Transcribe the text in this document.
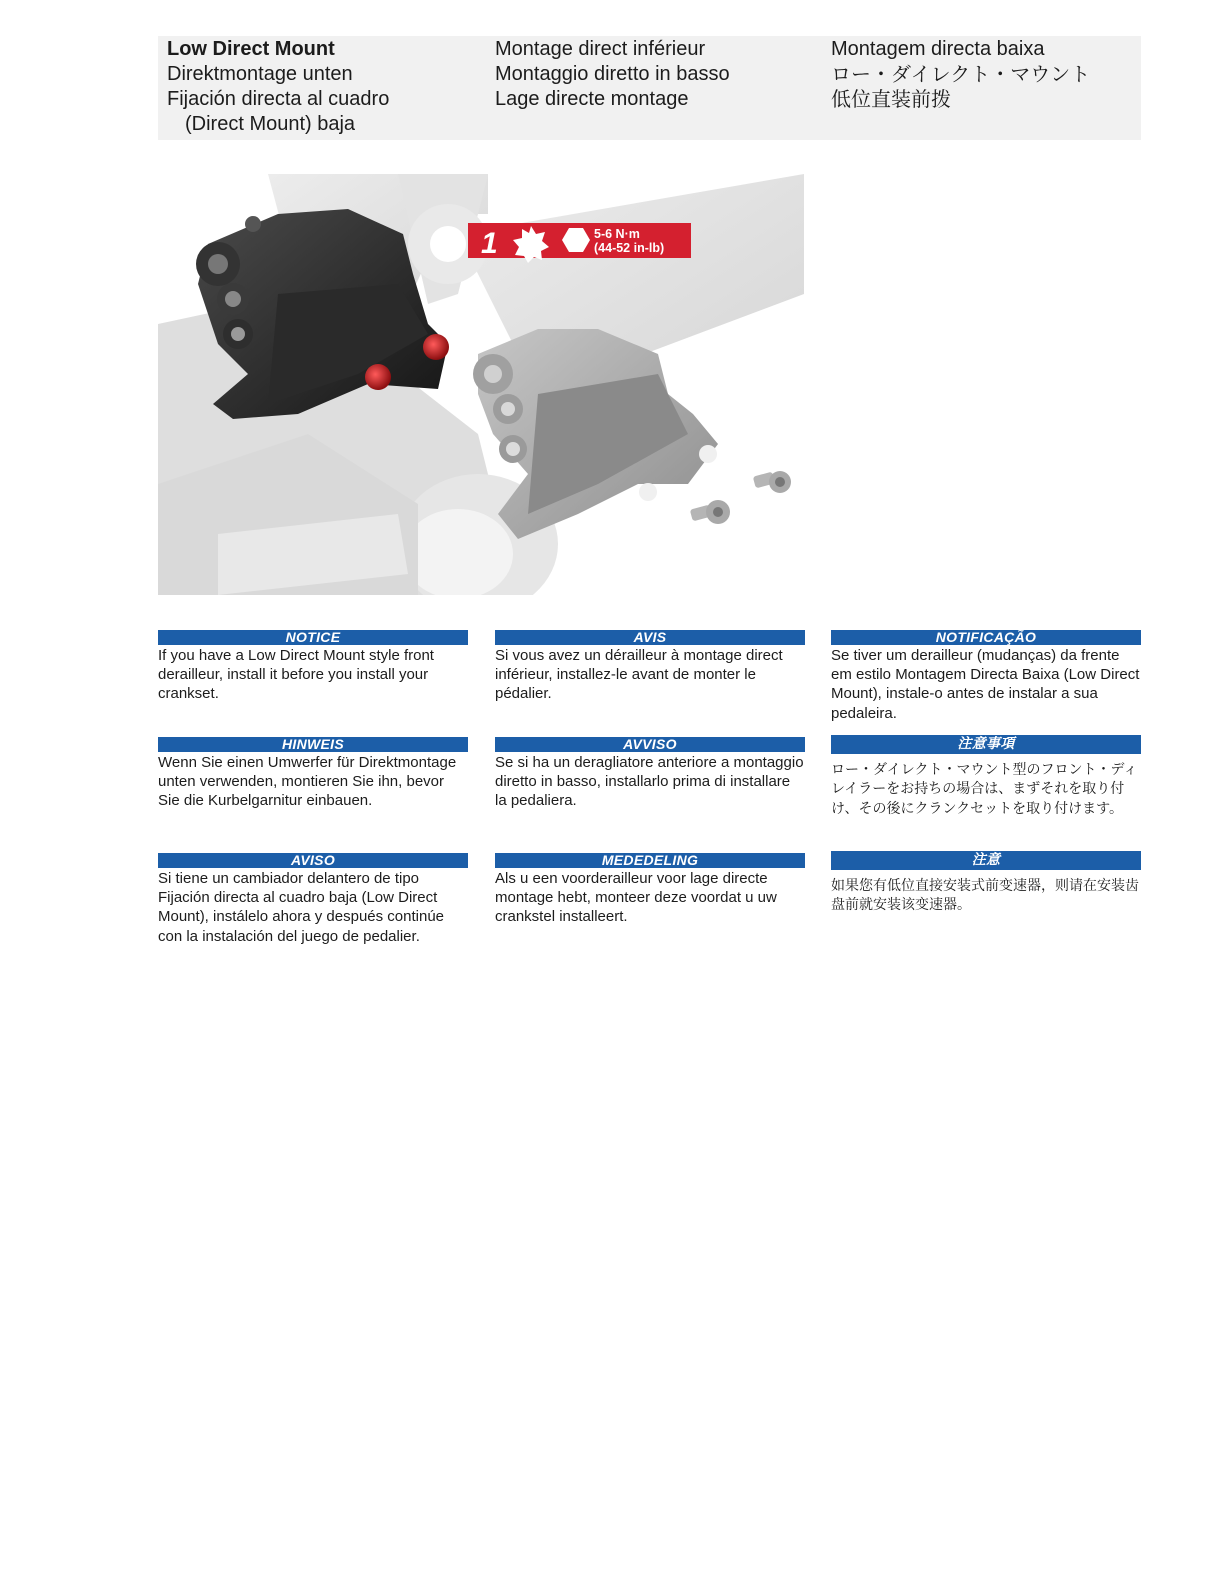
Low Direct Mount
Direktmontage unten
Fijación directa al cuadro
(Direct Mount) baja
Montage direct inférieur
Montaggio diretto in basso
Lage directe montage
Montagem directa baixa
ロー・ダイレクト・マウント
低位直装前拨
1	5-6 N·m
(44-52 in-lb)
NOTICE
If you have a Low Direct Mount style front derailleur, install it before you install your crankset.
AVIS
Si vous avez un dérailleur à montage direct inférieur, installez-le avant de monter le pédalier.
NOTIFICAÇÃO
Se tiver um derailleur (mudanças) da frente em estilo Montagem Directa Baixa (Low Direct Mount), instale-o antes de instalar a sua pedaleira.
HINWEIS
Wenn Sie einen Umwerfer für Direktmontage unten verwenden, montieren Sie ihn, bevor Sie die Kurbelgarnitur einbauen.
AVVISO
Se si ha un deragliatore anteriore a montaggio diretto in basso, installarlo prima di installare la pedaliera.
注意事項
ロー・ダイレクト・マウント型のフロント・ディレイラーをお持ちの場合は、まずそれを取り付け、その後にクランクセットを取り付けます。
AVISO
Si tiene un cambiador delantero de tipo Fijación directa al cuadro baja (Low Direct Mount), instálelo ahora y después continúe con la instalación del juego de pedalier.
MEDEDELING
Als u een voorderailleur voor lage directe montage hebt, monteer deze voordat u uw crankstel installeert.
注意
如果您有低位直接安装式前变速器，则请在安装齿盘前就安装该变速器。
